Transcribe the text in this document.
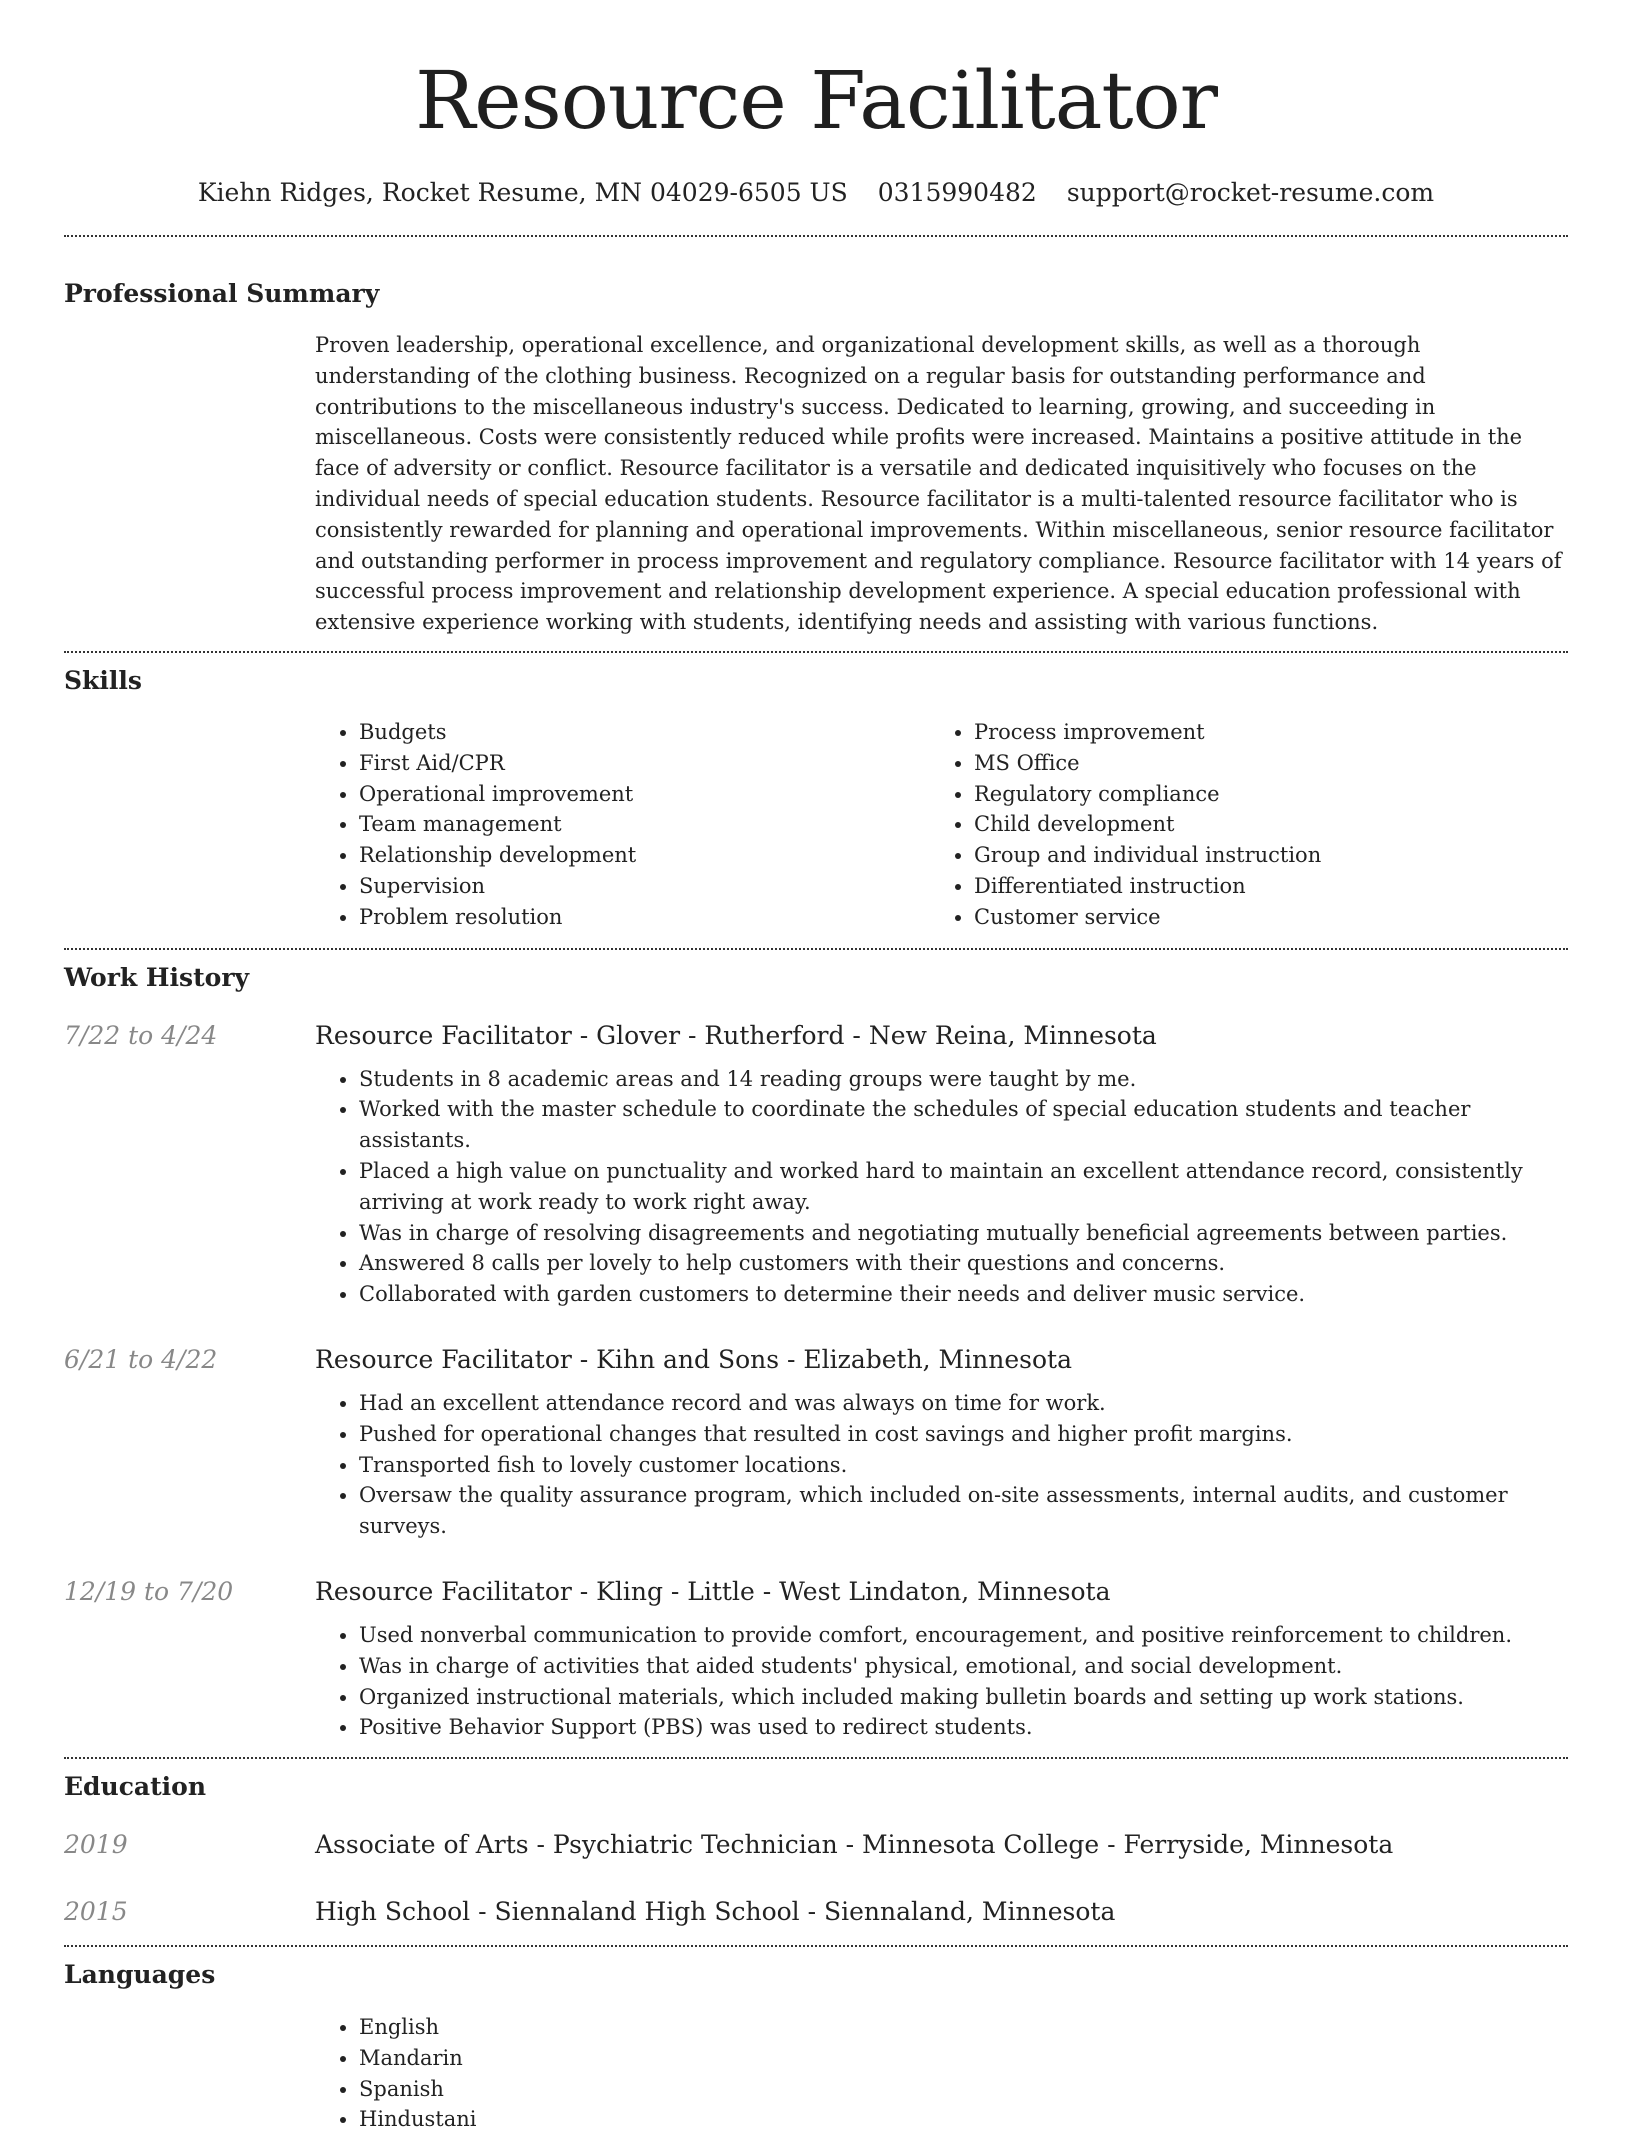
Resource Facilitator
Kiehn Ridges, Rocket Resume, MN 04029-6505 US 0315990482 support@rocket-resume.com
Professional Summary

Proven leadership, operational excellence, and organizational development skills, as well as a thorough understanding of the clothing business. Recognized on a regular basis for outstanding performance and contributions to the miscellaneous industry's success. Dedicated to learning, growing, and succeeding in miscellaneous. Costs were consistently reduced while profits were increased. Maintains a positive attitude in the face of adversity or conflict. Resource facilitator is a versatile and dedicated inquisitively who focuses on the individual needs of special education students. Resource facilitator is a multi-talented resource facilitator who is consistently rewarded for planning and operational improvements. Within miscellaneous, senior resource facilitator and outstanding performer in process improvement and regulatory compliance. Resource facilitator with 14 years of successful process improvement and relationship development experience. A special education professional with extensive experience working with students, identifying needs and assisting with various functions.

Skills
• Budgets
• First Aid/CPR
• Operational improvement
• Team management
• Relationship development
• Supervision
• Problem resolution
• Process improvement
• MS Office
• Regulatory compliance
• Child development
• Group and individual instruction
• Differentiated instruction
• Customer service
Work History
7/22 to 4/24	Resource Facilitator - Glover - Rutherford - New Reina, Minnesota
• Students in 8 academic areas and 14 reading groups were taught by me.
• Worked with the master schedule to coordinate the schedules of special education students and teacher assistants.
• Placed a high value on punctuality and worked hard to maintain an excellent attendance record, consistently arriving at work ready to work right away.
• Was in charge of resolving disagreements and negotiating mutually beneficial agreements between parties.
• Answered 8 calls per lovely to help customers with their questions and concerns.
• Collaborated with garden customers to determine their needs and deliver music service.
6/21 to 4/22	Resource Facilitator - Kihn and Sons - Elizabeth, Minnesota
• Had an excellent attendance record and was always on time for work.
• Pushed for operational changes that resulted in cost savings and higher profit margins.
• Transported fish to lovely customer locations.
• Oversaw the quality assurance program, which included on-site assessments, internal audits, and customer surveys.
12/19 to 7/20	Resource Facilitator - Kling - Little - West Lindaton, Minnesota
• Used nonverbal communication to provide comfort, encouragement, and positive reinforcement to children.
• Was in charge of activities that aided students' physical, emotional, and social development.
• Organized instructional materials, which included making bulletin boards and setting up work stations.
• Positive Behavior Support (PBS) was used to redirect students.
Education
2019	Associate of Arts - Psychiatric Technician - Minnesota College - Ferryside, Minnesota
2015	High School - Siennaland High School - Siennaland, Minnesota
Languages
• English
• Mandarin
• Spanish
• Hindustani
